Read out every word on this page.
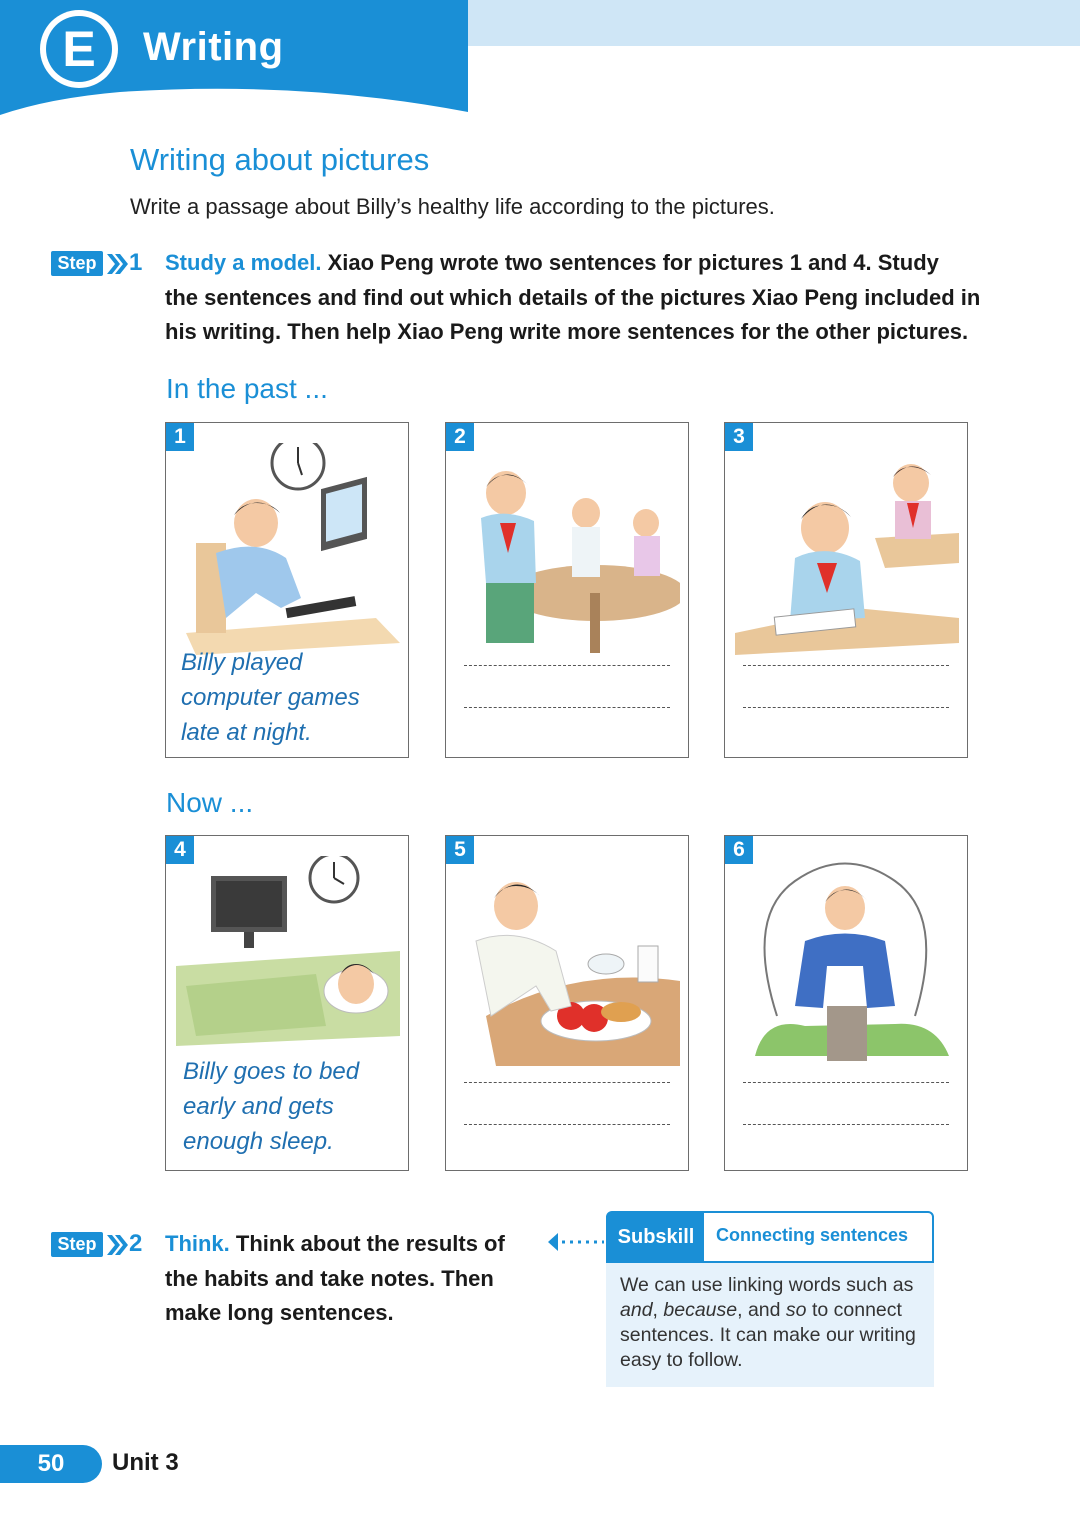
E	Writing
Writing about pictures
Write a passage about Billy’s healthy life according to the pictures.
Step 1 Study a model. Xiao Peng wrote two sentences for pictures 1 and 4. Study
the sentences and find out which details of the pictures Xiao Peng included in
his writing. Then help Xiao Peng write more sentences for the other pictures.
In the past ...
1
Billy played
computer games
late at night.
2	3
Now ...
4
Billy goes to bed
early and gets
enough sleep.
5	6
Step 2 Think. Think about the results of
the habits and take notes. Then
make long sentences.
Subskill	Connecting sentences
We can use linking words such as
and, because, and so to connect
sentences. It can make our writing
easy to follow.
50	Unit 3
